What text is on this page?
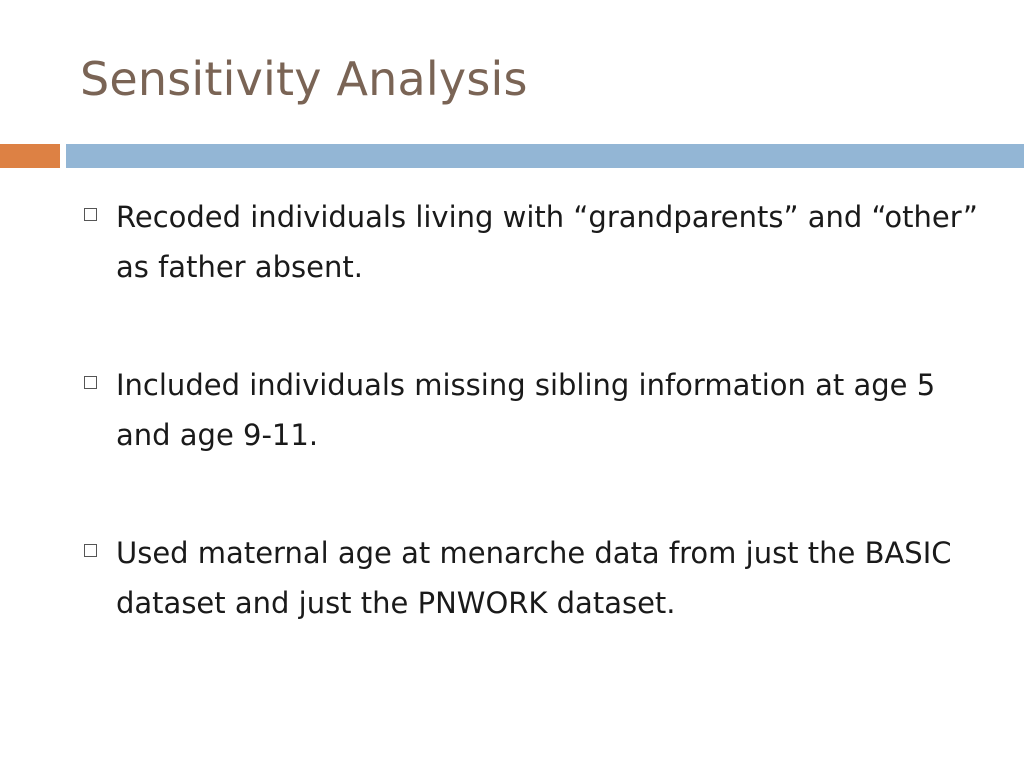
Sensitivity Analysis
Recoded individuals living with “grandparents” and “other” as father absent.
Included individuals missing sibling information at age 5 and age 9-11.
Used maternal age at menarche data from just the BASIC dataset and just the PNWORK dataset.
